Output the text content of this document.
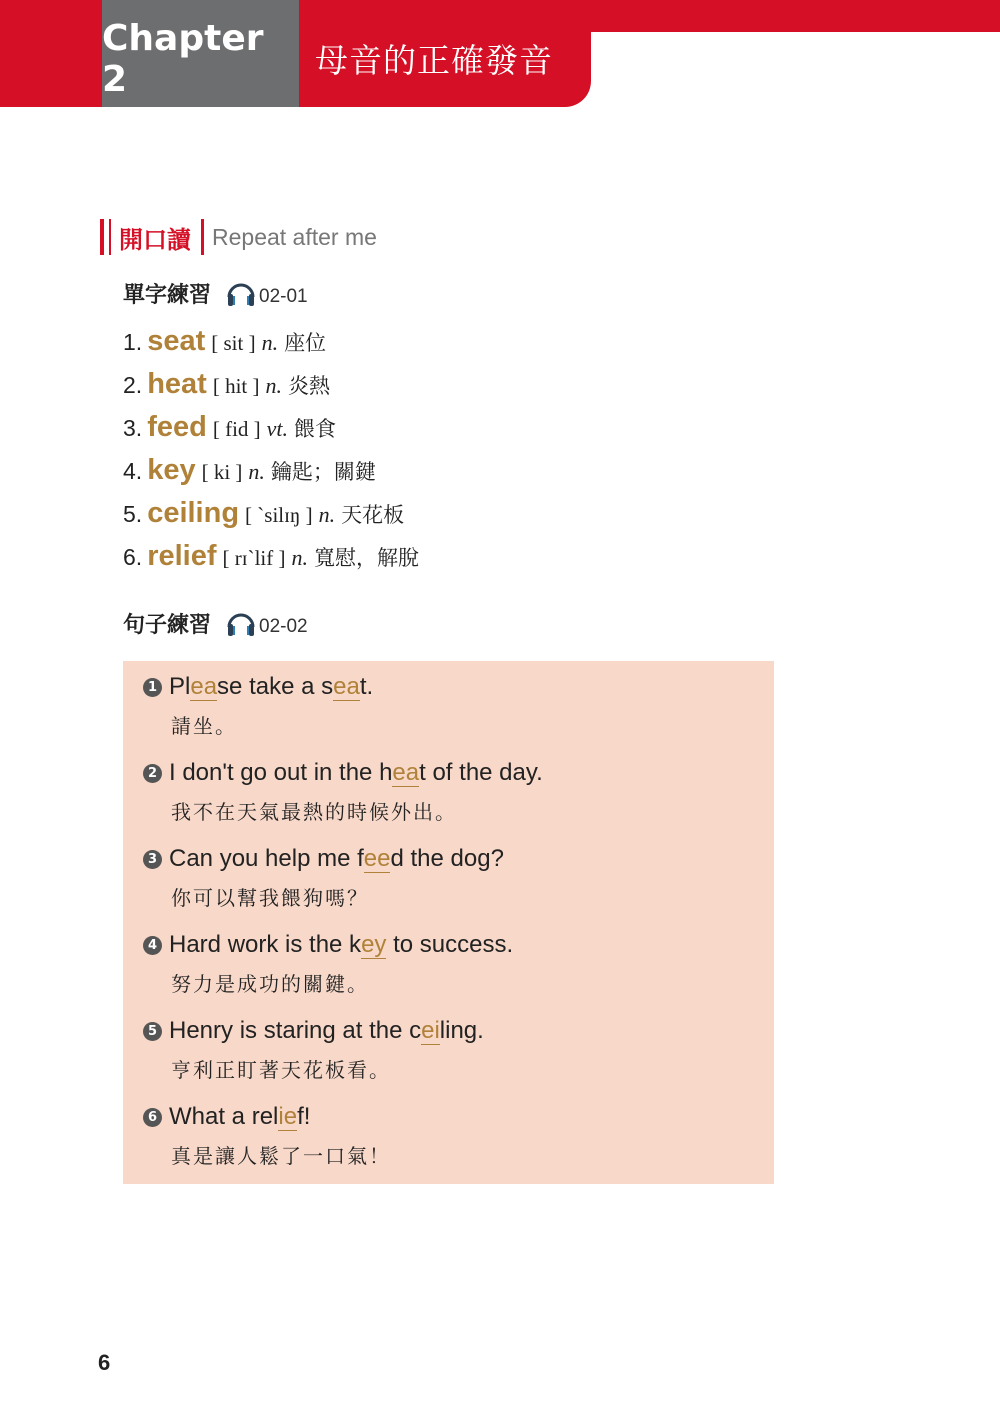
Chapter 2	母音的正確發音
開口讀 Repeat after me
單字練習	02-01
1. seat [ sit ] n. 座位
2. heat [ hit ] n. 炎熱
3. feed [ fid ] vt. 餵食
4. key [ ki ] n. 鑰匙；關鍵
5. ceiling [ ˋsilɪŋ ] n. 天花板
6. relief [ rɪˋlif ] n. 寬慰，解脫
句子練習	02-02
1 Please take a seat.
請坐。
2 I don't go out in the heat of the day.
我不在天氣最熱的時候外出。
3 Can you help me feed the dog?
你可以幫我餵狗嗎？
4 Hard work is the key to success.
努力是成功的關鍵。
5 Henry is staring at the ceiling.
亨利正盯著天花板看。
6 What a relief!
真是讓人鬆了一口氣！
6
